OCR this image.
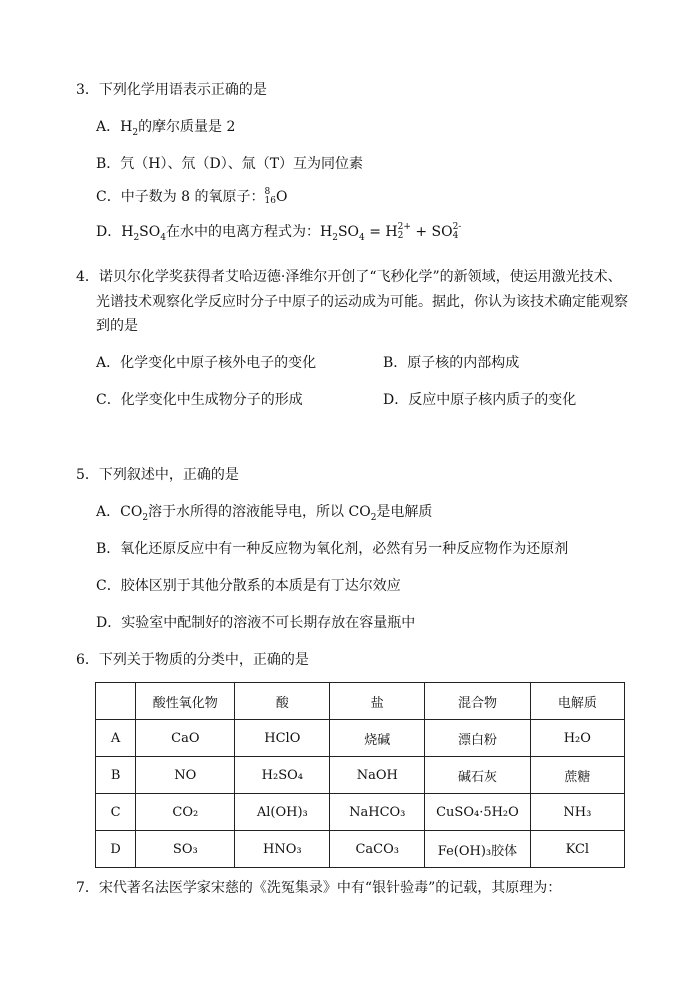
3．下列化学用语表示正确的是
A．$H_2$的摩尔质量是 2
B．氕（H）、氘（D）、氚（T）互为同位素
C．中子数为 8 的氧原子：8
16O
D．$H_2SO_4$在水中的电离方程式为：$H_2SO_4 = H2+$
2 + SO2-
4
4．诺贝尔化学奖获得者艾哈迈德·泽维尔开创了“飞秒化学”的新领域，使运用激光技术、
光谱技术观察化学反应时分子中原子的运动成为可能。据此，你认为该技术确定能观察
到的是
A．化学变化中原子核外电子的变化	B．原子核的内部构成
C．化学变化中生成物分子的形成	D．反应中原子核内质子的变化
5．下列叙述中，正确的是
A．$CO_2$溶于水所得的溶液能导电，所以 $CO_2$是电解质
B．氧化还原反应中有一种反应物为氧化剂，必然有另一种反应物作为还原剂
C．胶体区别于其他分散系的本质是有丁达尔效应
D．实验室中配制好的溶液不可长期存放在容量瓶中
6．下列关于物质的分类中，正确的是
	酸性氧化物	酸	盐	混合物	电解质
A	CaO	HClO	烧碱	漂白粉	H₂O
B	NO	H₂SO₄	NaOH	碱石灰	蔗糖
C	CO₂	Al(OH)₃	NaHCO₃	CuSO₄·5H₂O	NH₃
D	SO₃	HNO₃	CaCO₃	Fe(OH)₃胶体	KCl
7．宋代著名法医学家宋慈的《洗冤集录》中有“银针验毒”的记载，其原理为：
